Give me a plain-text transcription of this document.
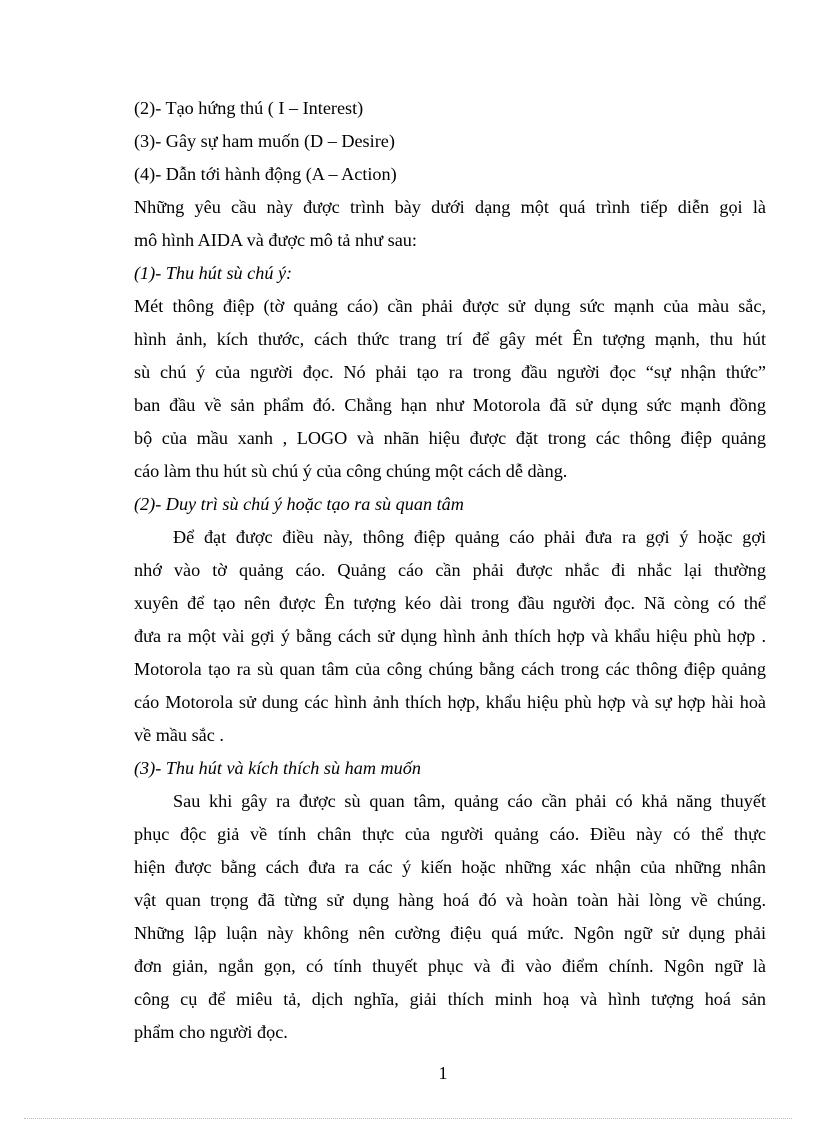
(2)- Tạo hứng thú ( I – Interest)
(3)- Gây sự ham muốn (D – Desire)
(4)- Dẫn tới hành động (A – Action)
Những yêu cầu này được trình bày dưới dạng một quá trình tiếp diễn gọi là
mô hình AIDA và được mô tả như sau:
(1)- Thu hút sù chú ý:
Mét thông điệp (tờ quảng cáo) cần phải được sử dụng sức mạnh của màu sắc,
hình ảnh, kích thước, cách thức trang trí để gây mét Ên tượng mạnh, thu hút
sù chú ý của người đọc. Nó phải tạo ra trong đầu người đọc “sự nhận thức”
ban đầu về sản phẩm đó. Chẳng hạn như Motorola đã sử dụng sức mạnh đồng
bộ của mầu xanh , LOGO và nhãn hiệu được đặt trong các thông điệp quảng
cáo làm thu hút sù chú ý của công chúng một cách dễ dàng.
(2)- Duy trì sù chú ý hoặc tạo ra sù quan tâm
Để đạt được điều này, thông điệp quảng cáo phải đưa ra gợi ý hoặc gợi
nhớ vào tờ quảng cáo. Quảng cáo cần phải được nhắc đi nhắc lại thường
xuyên để tạo nên được Ên tượng kéo dài trong đầu người đọc. Nã còng có thể
đưa ra một vài gợi ý bằng cách sử dụng hình ảnh thích hợp và khẩu hiệu phù hợp .
Motorola tạo ra sù quan tâm của công chúng bằng cách trong các thông điệp quảng
cáo Motorola sử dung các hình ảnh thích hợp, khẩu hiệu phù hợp và sự hợp hài hoà
về mầu sắc .
(3)- Thu hút và kích thích sù ham muốn
Sau khi gây ra được sù quan tâm, quảng cáo cần phải có khả năng thuyết
phục độc giả về tính chân thực của người quảng cáo. Điều này có thể thực
hiện được bằng cách đưa ra các ý kiến hoặc những xác nhận của những nhân
vật quan trọng đã từng sử dụng hàng hoá đó và hoàn toàn hài lòng về chúng.
Những lập luận này không nên cường điệu quá mức. Ngôn ngữ sử dụng phải
đơn giản, ngắn gọn, có tính thuyết phục và đi vào điểm chính. Ngôn ngữ là
công cụ để miêu tả, dịch nghĩa, giải thích minh hoạ và hình tượng hoá sản
phẩm cho người đọc.
1
